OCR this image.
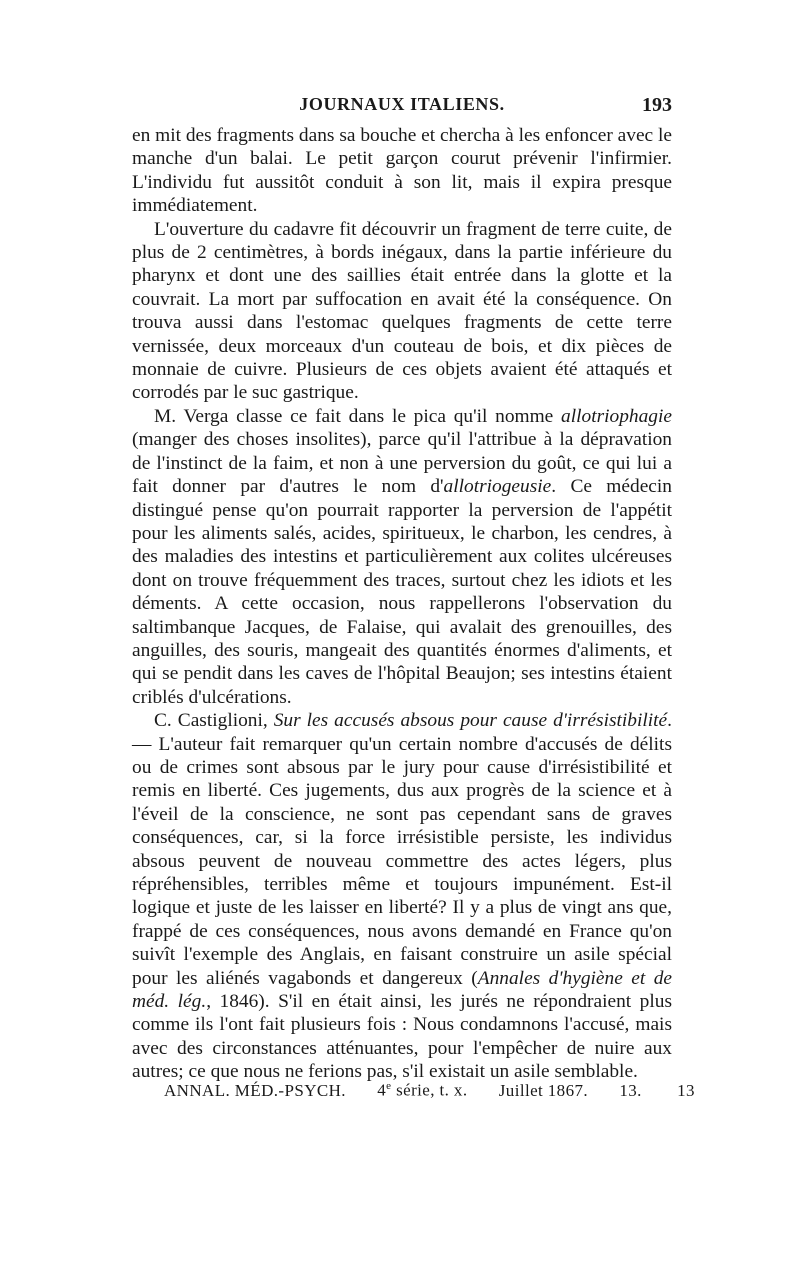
JOURNAUX ITALIENS.	193

en mit des fragments dans sa bouche et chercha à les enfoncer avec le manche d'un balai. Le petit garçon courut prévenir l'infirmier. L'individu fut aussitôt conduit à son lit, mais il expira presque immédiatement.

L'ouverture du cadavre fit découvrir un fragment de terre cuite, de plus de 2 centimètres, à bords inégaux, dans la partie inférieure du pharynx et dont une des saillies était entrée dans la glotte et la couvrait. La mort par suffocation en avait été la conséquence. On trouva aussi dans l'estomac quelques fragments de cette terre vernissée, deux morceaux d'un couteau de bois, et dix pièces de monnaie de cuivre. Plusieurs de ces objets avaient été attaqués et corrodés par le suc gastrique.

M. Verga classe ce fait dans le pica qu'il nomme allotriophagie (manger des choses insolites), parce qu'il l'attribue à la dépravation de l'instinct de la faim, et non à une perversion du goût, ce qui lui a fait donner par d'autres le nom d'allotriogeusie. Ce médecin distingué pense qu'on pourrait rapporter la perversion de l'appétit pour les aliments salés, acides, spiritueux, le charbon, les cendres, à des maladies des intestins et particulièrement aux colites ulcéreuses dont on trouve fréquemment des traces, surtout chez les idiots et les déments. A cette occasion, nous rappellerons l'observation du saltimbanque Jacques, de Falaise, qui avalait des grenouilles, des anguilles, des souris, mangeait des quantités énormes d'aliments, et qui se pendit dans les caves de l'hôpital Beaujon; ses intestins étaient criblés d'ulcérations.

C. Castiglioni, Sur les accusés absous pour cause d'irrésistibilité. — L'auteur fait remarquer qu'un certain nombre d'accusés de délits ou de crimes sont absous par le jury pour cause d'irrésistibilité et remis en liberté. Ces jugements, dus aux progrès de la science et à l'éveil de la conscience, ne sont pas cependant sans de graves conséquences, car, si la force irrésistible persiste, les individus absous peuvent de nouveau commettre des actes légers, plus répréhensibles, terribles même et toujours impunément. Est-il logique et juste de les laisser en liberté? Il y a plus de vingt ans que, frappé de ces conséquences, nous avons demandé en France qu'on suivît l'exemple des Anglais, en faisant construire un asile spécial pour les aliénés vagabonds et dangereux (Annales d'hygiène et de méd. lég., 1846). S'il en était ainsi, les jurés ne répondraient plus comme ils l'ont fait plusieurs fois : Nous condamnons l'accusé, mais avec des circonstances atténuantes, pour l'empêcher de nuire aux autres; ce que nous ne ferions pas, s'il existait un asile semblable.

ANNAL. MÉD.-PSYCH. 4e série, t. x. Juillet 1867. 13. 13
